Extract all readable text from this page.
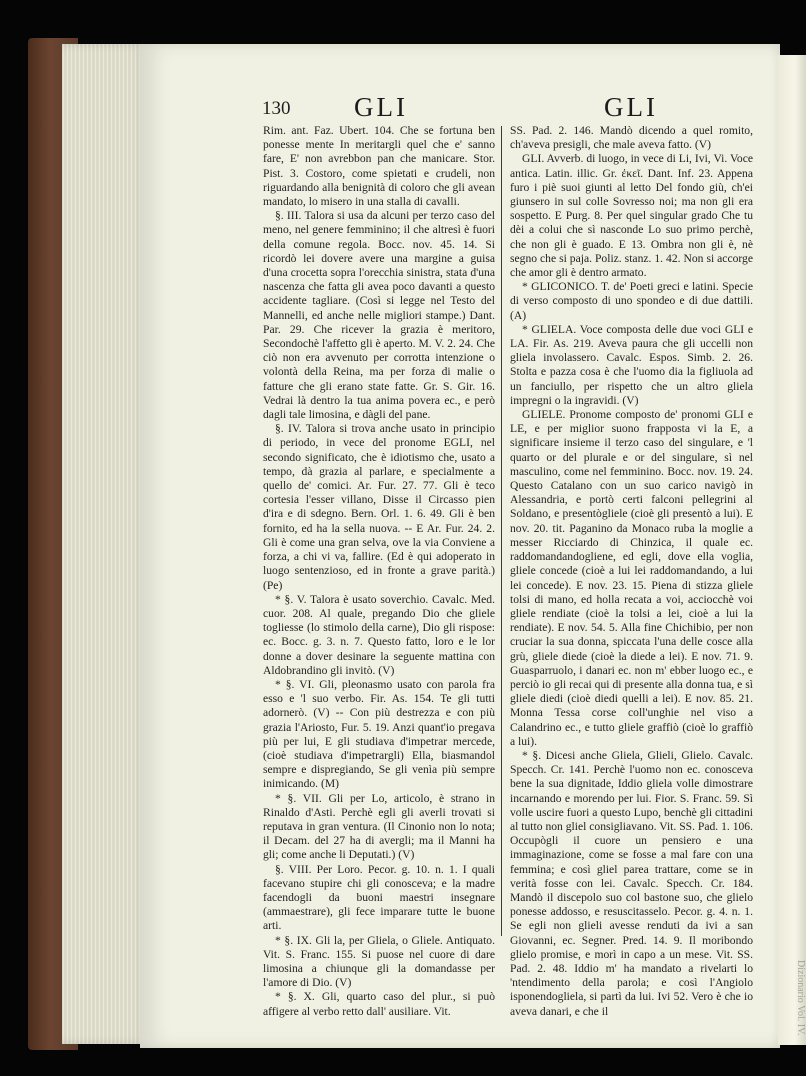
Dizionario Vol. IV.
130 GLI	GLI

Rim. ant. Faz. Ubert. 104. Che se fortuna ben ponesse mente In meritargli quel che e' sanno fare, E' non avrebbon pan che manicare. Stor. Pist. 3. Costoro, come spietati e crudeli, non riguardando alla benignità di coloro che gli avean mandato, lo misero in una stalla di cavalli.

§. III. Talora si usa da alcuni per terzo caso del meno, nel genere femminino; il che altresì è fuori della comune regola. Bocc. nov. 45. 14. Si ricordò lei dovere avere una margine a guisa d'una crocetta sopra l'orecchia sinistra, stata d'una nascenza che fatta gli avea poco davanti a questo accidente tagliare. (Così si legge nel Testo del Mannelli, ed anche nelle migliori stampe.) Dant. Par. 29. Che ricever la grazia è meritoro, Secondochè l'affetto gli è aperto. M. V. 2. 24. Che ciò non era avvenuto per corrotta intenzione o volontà della Reina, ma per forza di malie o fatture che gli erano state fatte. Gr. S. Gir. 16. Vedrai là dentro la tua anima povera ec., e però dagli tale limosina, e dàgli del pane.

§. IV. Talora si trova anche usato in principio di periodo, in vece del pronome EGLI, nel secondo significato, che è idiotismo che, usato a tempo, dà grazia al parlare, e specialmente a quello de' comici. Ar. Fur. 27. 77. Gli è teco cortesia l'esser villano, Disse il Circasso pien d'ira e di sdegno. Bern. Orl. 1. 6. 49. Gli è ben fornito, ed ha la sella nuova. -- E Ar. Fur. 24. 2. Gli è come una gran selva, ove la via Conviene a forza, a chi vi va, fallire. (Ed è qui adoperato in luogo sentenzioso, ed in fronte a grave parità.) (Pe)

* §. V. Talora è usato soverchio. Cavalc. Med. cuor. 208. Al quale, pregando Dio che gliele togliesse (lo stimolo della carne), Dio gli rispose: ec. Bocc. g. 3. n. 7. Questo fatto, loro e le lor donne a dover desinare la seguente mattina con Aldobrandino gli invitò. (V)

* §. VI. Gli, pleonasmo usato con parola fra esso e 'l suo verbo. Fir. As. 154. Te gli tutti adornerò. (V) -- Con più destrezza e con più grazia l'Ariosto, Fur. 5. 19. Anzi quant'io pregava più per lui, E gli studiava d'impetrar mercede, (cioè studiava d'impetrargli) Ella, biasmandol sempre e dispregiando, Se gli venìa più sempre inimicando. (M)

* §. VII. Gli per Lo, articolo, è strano in Rinaldo d'Asti. Perchè egli gli averli trovati si reputava in gran ventura. (Il Cinonio non lo nota; il Decam. del 27 ha di avergli; ma il Manni ha gli; come anche li Deputati.) (V)

§. VIII. Per Loro. Pecor. g. 10. n. 1. I quali facevano stupire chi gli conosceva; e la madre facendogli da buoni maestri insegnare (ammaestrare), gli fece imparare tutte le buone arti.

* §. IX. Gli la, per Gliela, o Gliele. Antiquato. Vit. S. Franc. 155. Si puose nel cuore di dare limosina a chiunque gli la domandasse per l'amore di Dio. (V)

* §. X. Gli, quarto caso del plur., si può affigere al verbo retto dall' ausiliare. Vit.

SS. Pad. 2. 146. Mandò dicendo a quel romito, ch'aveva presigli, che male aveva fatto. (V)

GLI. Avverb. di luogo, in vece di Li, Ivi, Vi. Voce antica. Latin. illic. Gr. ἐκεῖ. Dant. Inf. 23. Appena furo i piè suoi giunti al letto Del fondo giù, ch'ei giunsero in sul colle Sovresso noi; ma non gli era sospetto. E Purg. 8. Per quel singular grado Che tu dèi a colui che sì nasconde Lo suo primo perchè, che non gli è guado. E 13. Ombra non gli è, nè segno che si paja. Poliz. stanz. 1. 42. Non si accorge che amor gli è dentro armato.

* GLICONICO. T. de' Poeti greci e latini. Specie di verso composto di uno spondeo e di due dattili. (A)

* GLIELA. Voce composta delle due voci GLI e LA. Fir. As. 219. Aveva paura che gli uccelli non gliela involassero. Cavalc. Espos. Simb. 2. 26. Stolta e pazza cosa è che l'uomo dia la figliuola ad un fanciullo, per rispetto che un altro gliela impregni o la ingravidi. (V)

GLIELE. Pronome composto de' pronomi GLI e LE, e per miglior suono frapposta vi la E, a significare insieme il terzo caso del singulare, e 'l quarto or del plurale e or del singulare, sì nel masculino, come nel femminino. Bocc. nov. 19. 24. Questo Catalano con un suo carico navigò in Alessandria, e portò certi falconi pellegrini al Soldano, e presentògliele (cioè gli presentò a lui). E nov. 20. tit. Paganino da Monaco ruba la moglie a messer Ricciardo di Chinzica, il quale ec. raddomandandogliene, ed egli, dove ella voglia, gliele concede (cioè a lui lei raddomandando, a lui lei concede). E nov. 23. 15. Piena di stizza gliele tolsi di mano, ed holla recata a voi, acciocchè voi gliele rendiate (cioè la tolsi a lei, cioè a lui la rendiate). E nov. 54. 5. Alla fine Chichibio, per non cruciar la sua donna, spiccata l'una delle cosce alla grù, gliele diede (cioè la diede a lei). E nov. 71. 9. Guasparruolo, i danari ec. non m' ebber luogo ec., e perciò io gli recai qui di presente alla donna tua, e sì gliele diedi (cioè diedi quelli a lei). E nov. 85. 21. Monna Tessa corse coll'unghie nel viso a Calandrino ec., e tutto gliele graffiò (cioè lo graffiò a lui).

* §. Dicesi anche Gliela, Glieli, Glielo. Cavalc. Specch. Cr. 141. Perchè l'uomo non ec. conosceva bene la sua dignitade, Iddio gliela volle dimostrare incarnando e morendo per lui. Fior. S. Franc. 59. Sì volle uscire fuori a questo Lupo, benchè gli cittadini al tutto non gliel consigliavano. Vit. SS. Pad. 1. 106. Occupògli il cuore un pensiero e una immaginazione, come se fosse a mal fare con una femmina; e così gliel parea trattare, come se in verità fosse con lei. Cavalc. Specch. Cr. 184. Mandò il discepolo suo col bastone suo, che glielo ponesse addosso, e resuscitasselo. Pecor. g. 4. n. 1. Se egli non glieli avesse renduti da ivi a san Giovanni, ec. Segner. Pred. 14. 9. Il moribondo glielo promise, e morì in capo a un mese. Vit. SS. Pad. 2. 48. Iddio m' ha mandato a rivelarti lo 'ntendimento della parola; e così l'Angiolo isponendogliela, si partì da lui. Ivi 52. Vero è che io aveva danari, e che il
